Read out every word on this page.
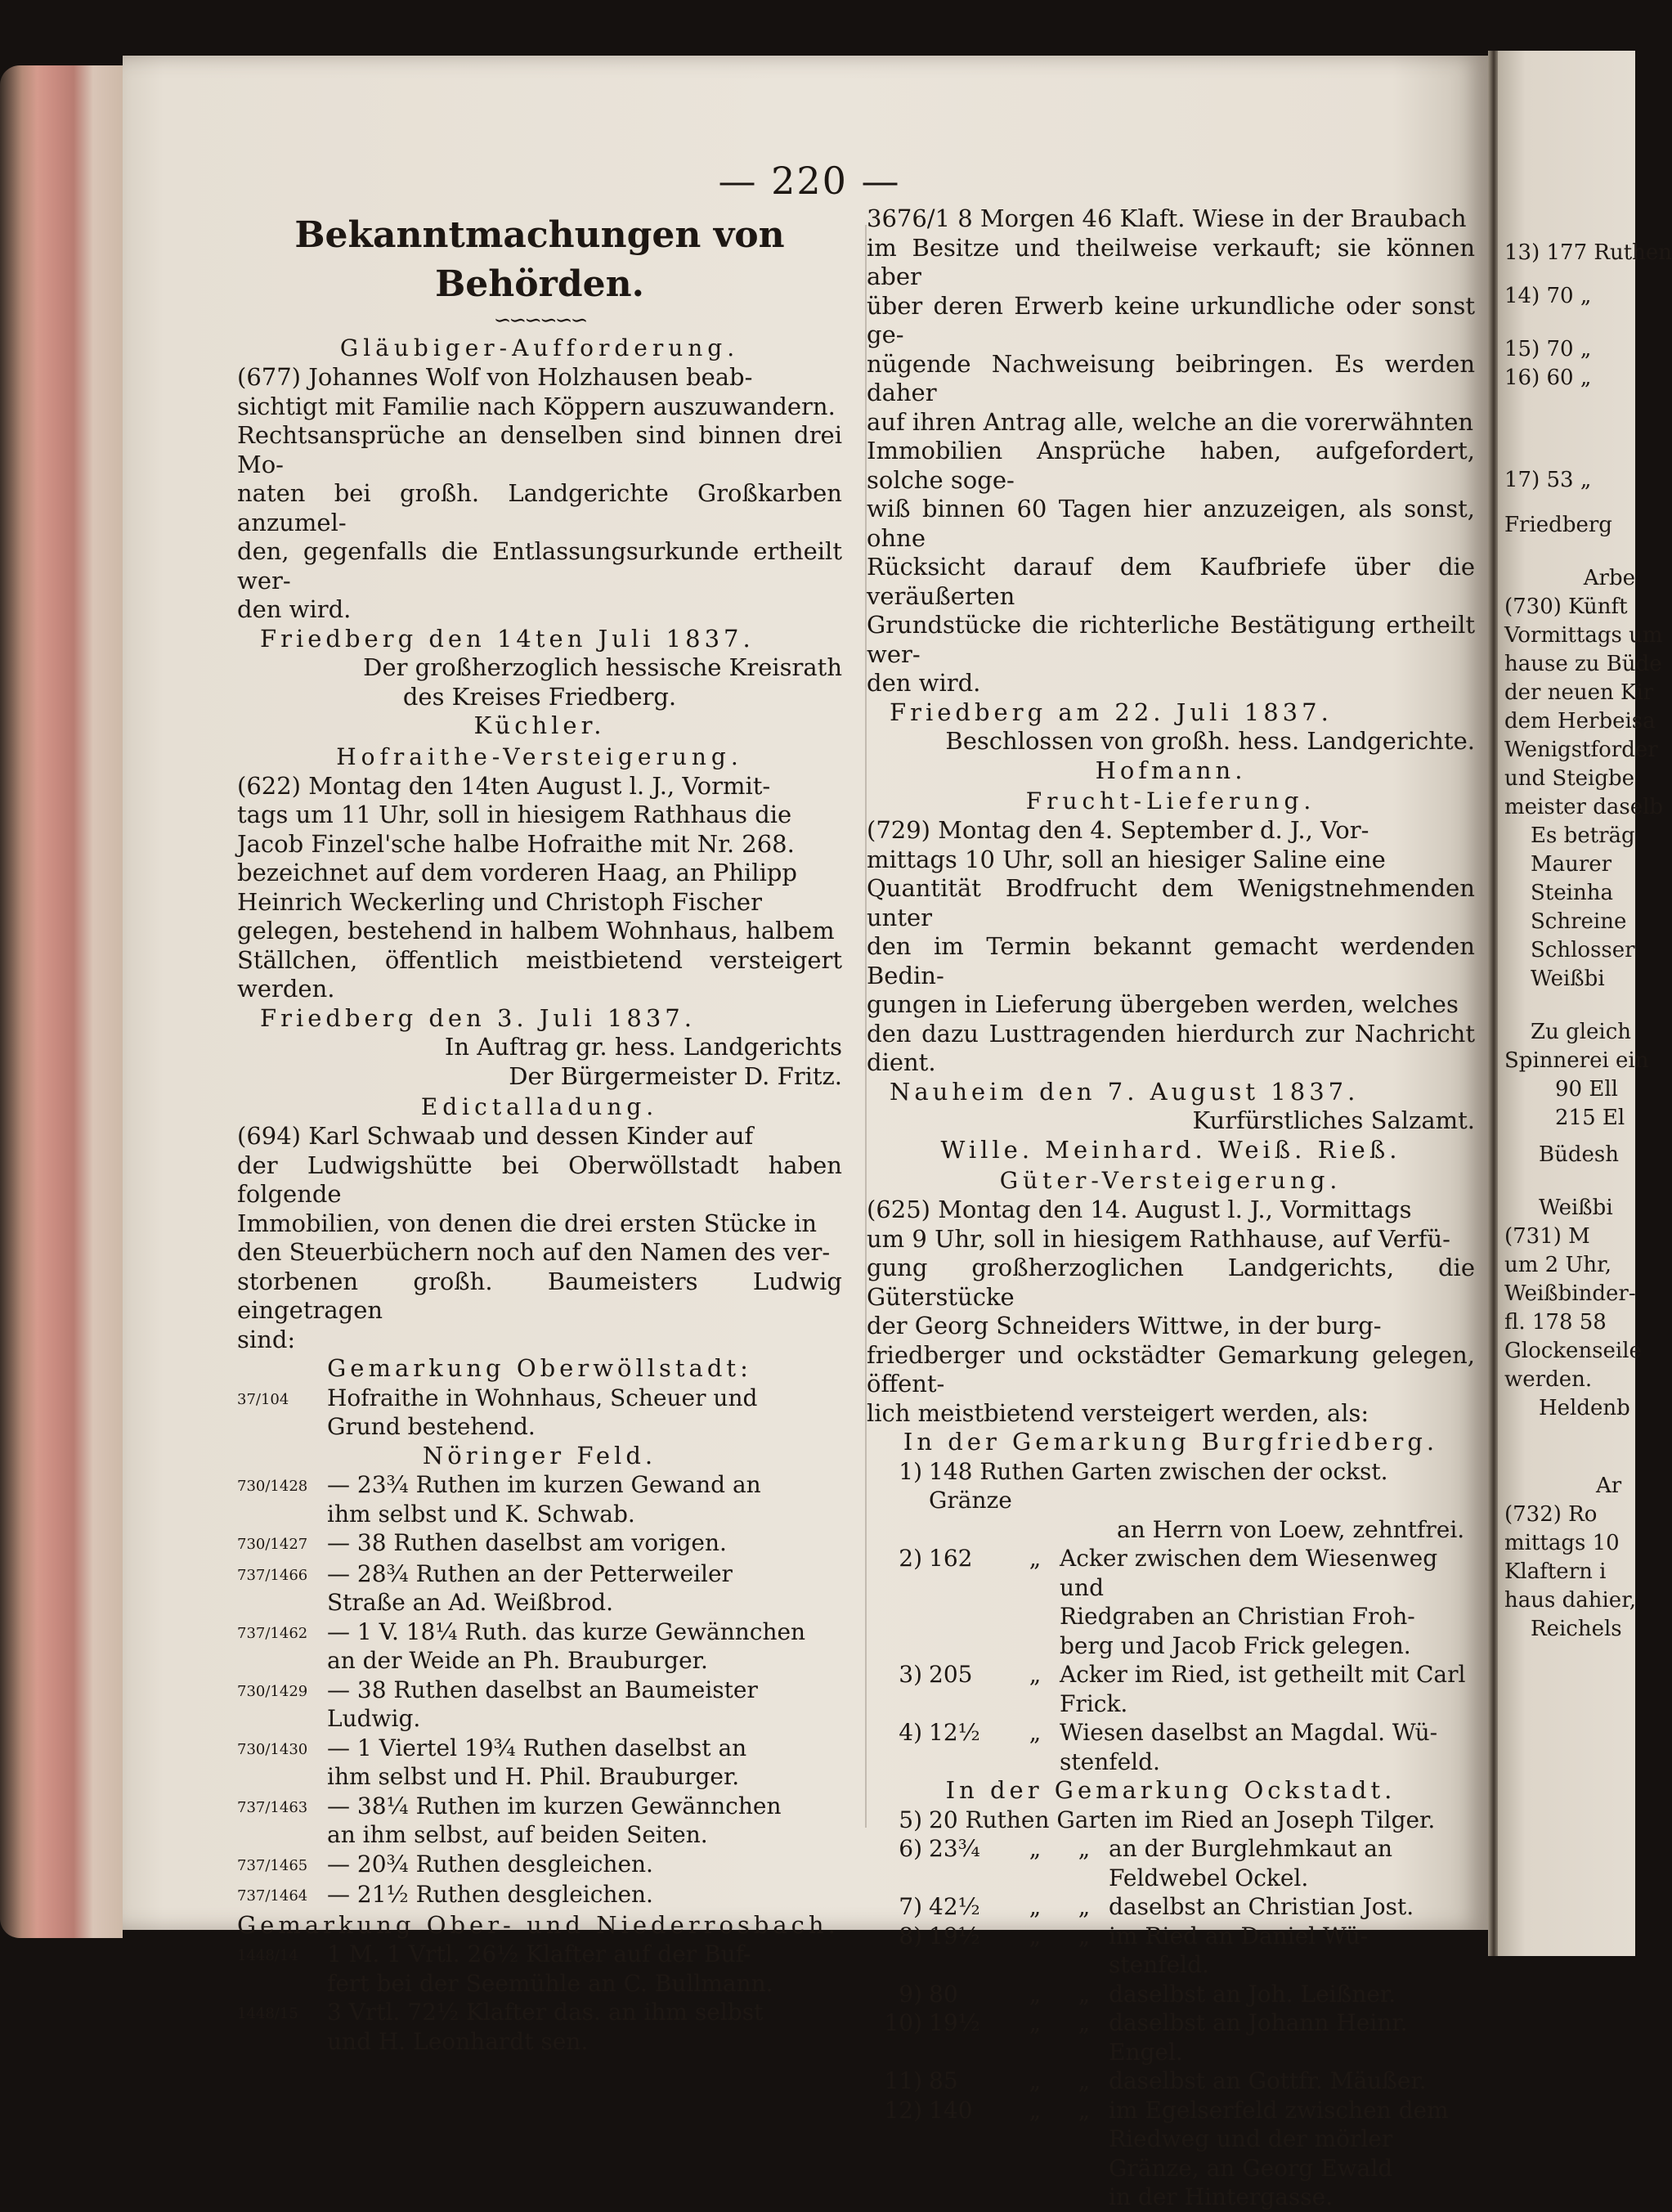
— 220 —
Bekanntmachungen von Behörden.
∽∽∽∽∽∽
Gläubiger-Aufforderung.

(677) Johannes Wolf von Holzhausen beab-

sichtigt mit Familie nach Köppern auszuwandern.

Rechtsansprüche an denselben sind binnen drei Mo-

naten bei großh. Landgerichte Großkarben anzumel-

den, gegenfalls die Entlassungsurkunde ertheilt wer-

den wird.

Friedberg den 14ten Juli 1837.

Der großherzoglich hessische Kreisrath

des Kreises Friedberg.

Küchler.

Hofraithe-Versteigerung.

(622) Montag den 14ten August l. J., Vormit-

tags um 11 Uhr, soll in hiesigem Rathhaus die

Jacob Finzel'sche halbe Hofraithe mit Nr. 268.

bezeichnet auf dem vorderen Haag, an Philipp

Heinrich Weckerling und Christoph Fischer

gelegen, bestehend in halbem Wohnhaus, halbem

Ställchen, öffentlich meistbietend versteigert werden.

Friedberg den 3. Juli 1837.

In Auftrag gr. hess. Landgerichts

Der Bürgermeister D. Fritz.

Edictalladung.

(694) Karl Schwaab und dessen Kinder auf

der Ludwigshütte bei Oberwöllstadt haben folgende

Immobilien, von denen die drei ersten Stücke in

den Steuerbüchern noch auf den Namen des ver-

storbenen großh. Baumeisters Ludwig eingetragen

sind:

Gemarkung Oberwöllstadt:

37/104	Hofraithe in Wohnhaus, Scheuer und
Grund bestehend.

Nöringer Feld.

730/1428 — 23¾ Ruthen im kurzen Gewand an
ihm selbst und K. Schwab.
730/1427 — 38 Ruthen daselbst am vorigen.
737/1466 — 28¾ Ruthen an der Petterweiler
Straße an Ad. Weißbrod.
737/1462 — 1 V. 18¼ Ruth. das kurze Gewännchen
an der Weide an Ph. Brauburger.
730/1429 — 38 Ruthen daselbst an Baumeister
Ludwig.
730/1430 — 1 Viertel 19¾ Ruthen daselbst an
ihm selbst und H. Phil. Brauburger.
737/1463 — 38¼ Ruthen im kurzen Gewännchen
an ihm selbst, auf beiden Seiten.
737/1465 — 20¾ Ruthen desgleichen.
737/1464 — 21½ Ruthen desgleichen.

Gemarkung Ober- und Niederrosbach.

1448/14	1 M. 1 Vrtl. 26½ Klafter auf der Buf-
fert bei der Seemühle an C. Bullmann.
1448/15	3 Vrtl. 72½ Klafter das. an ihm selbst
und H. Leonhardt sen.

3676/1 8 Morgen 46 Klaft. Wiese in der Braubach

im Besitze und theilweise verkauft; sie können aber

über deren Erwerb keine urkundliche oder sonst ge-

nügende Nachweisung beibringen. Es werden daher

auf ihren Antrag alle, welche an die vorerwähnten

Immobilien Ansprüche haben, aufgefordert, solche soge-

wiß binnen 60 Tagen hier anzuzeigen, als sonst, ohne

Rücksicht darauf dem Kaufbriefe über die veräußerten

Grundstücke die richterliche Bestätigung ertheilt wer-

den wird.

Friedberg am 22. Juli 1837.

Beschlossen von großh. hess. Landgerichte.

Hofmann.

Frucht-Lieferung.

(729) Montag den 4. September d. J., Vor-

mittags 10 Uhr, soll an hiesiger Saline eine

Quantität Brodfrucht dem Wenigstnehmenden unter

den im Termin bekannt gemacht werdenden Bedin-

gungen in Lieferung übergeben werden, welches

den dazu Lusttragenden hierdurch zur Nachricht dient.

Nauheim den 7. August 1837.

Kurfürstliches Salzamt.

Wille. Meinhard. Weiß. Rieß.

Güter-Versteigerung.

(625) Montag den 14. August l. J., Vormittags

um 9 Uhr, soll in hiesigem Rathhause, auf Verfü-

gung großherzoglichen Landgerichts, die Güterstücke

der Georg Schneiders Wittwe, in der burg-

friedberger und ockstädter Gemarkung gelegen, öffent-

lich meistbietend versteigert werden, als:

In der Gemarkung Burgfriedberg.

1) 148 Ruthen Garten zwischen der ockst. Gränze
an Herrn von Loew, zehntfrei.
2) 162	„ Acker zwischen dem Wiesenweg und
Riedgraben an Christian Froh-
berg und Jacob Frick gelegen.
3) 205	„ Acker im Ried, ist getheilt mit Carl
Frick.
4) 12½	„ Wiesen daselbst an Magdal. Wü-
stenfeld.

In der Gemarkung Ockstadt.

5) 20 Ruthen Garten im Ried an Joseph Tilger.
6) 23¾	„	„ an der Burglehmkaut an
Feldwebel Ockel.
7) 42½	„	„ daselbst an Christian Jost.
8) 19½	„	„ im Ried an Daniel Wü-
stenfeld.
9) 80	„	„ daselbst an Joh. Leißner.
10) 19½	„	„ daselbst an Johann Heinr.
Engel.
11) 85	„	„ daselbst an Gottfr. Mäußer.
12) 140	„	„ im Egelserfeld zwischen dem
Riedweg und der mörler
Gränze, an Georg Ewald
in der Hintergasse.
13) 177 Ruthen
14) 70 „
15) 70 „
16) 60 „
17) 53 „
Friedberg
Arbe
(730) Künft
Vormittags um
hause zu Büde
der neuen Kir
dem Herbeisa
Wenigstforder
und Steigbe
meister daselb
Es beträg
Maurer
Steinha
Schreine
Schlosser
Weißbi
Zu gleich
Spinnerei ein
90 Ell
215 El
Büdesh
Weißbi
(731) M
um 2 Uhr,
Weißbinder-
fl. 178 58
Glockenseile
werden.
Heldenb
Ar
(732) Ro
mittags 10
Klaftern i
haus dahier,
Reichels
